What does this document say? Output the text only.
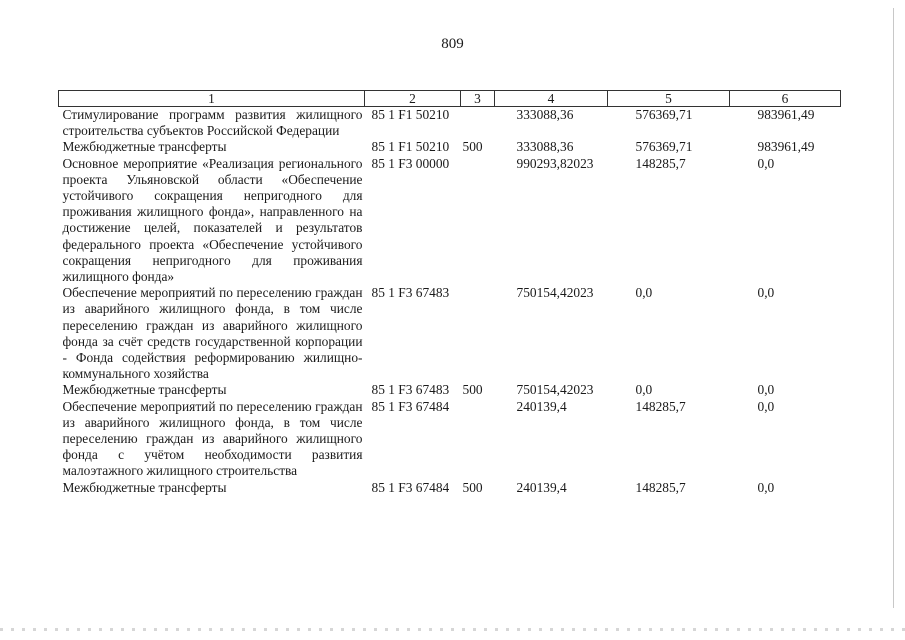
809
1	2	3	4	5	6
Стимулирование программ развития жилищного строительства субъектов Российской Федерации	85 1 F1 50210		333088,36	576369,71	983961,49
Межбюджетные трансферты	85 1 F1 50210	500	333088,36	576369,71	983961,49
Основное мероприятие «Реализация регионального проекта Ульяновской области «Обеспечение устойчивого сокращения непригодного для проживания жилищного фонда», направленного на достижение целей, показателей и результатов федерального проекта «Обеспечение устойчивого сокращения непригодного для проживания жилищного фонда»	85 1 F3 00000		990293,82023	148285,7	0,0
Обеспечение мероприятий по переселению граждан из аварийного жилищного фонда, в том числе переселению граждан из аварийного жилищного фонда за счёт средств государственной корпорации - Фонда содействия реформированию жилищно-коммунального хозяйства	85 1 F3 67483		750154,42023	0,0	0,0
Межбюджетные трансферты	85 1 F3 67483	500	750154,42023	0,0	0,0
Обеспечение мероприятий по переселению граждан из аварийного жилищного фонда, в том числе переселению граждан из аварийного жилищного фонда с учётом необходимости развития малоэтажного жилищного строительства	85 1 F3 67484		240139,4	148285,7	0,0
Межбюджетные трансферты	85 1 F3 67484	500	240139,4	148285,7	0,0
